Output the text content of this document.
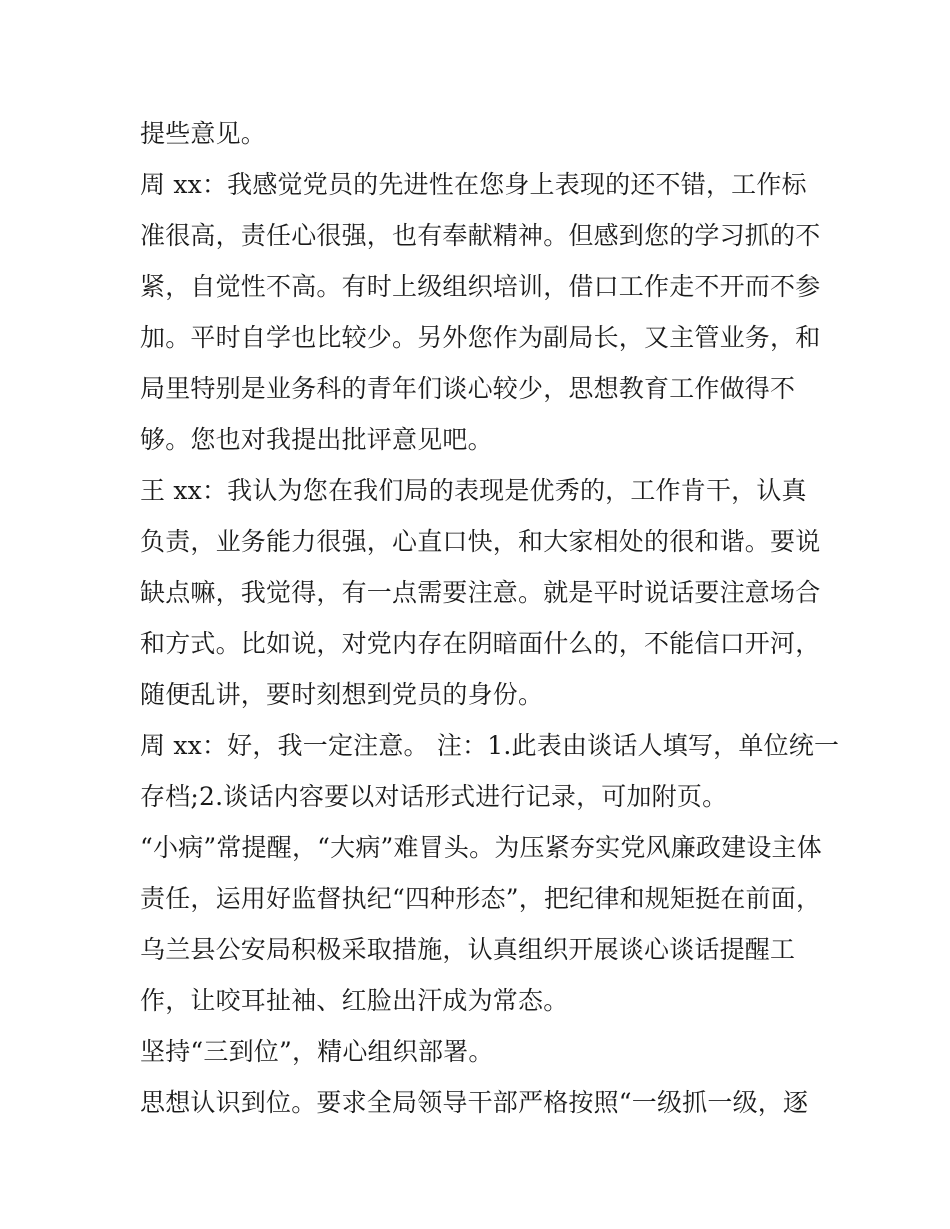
提些意见。
周 xx：我感觉党员的先进性在您身上表现的还不错，工作标
准很高，责任心很强，也有奉献精神。但感到您的学习抓的不
紧，自觉性不高。有时上级组织培训，借口工作走不开而不参
加。平时自学也比较少。另外您作为副局长，又主管业务，和
局里特别是业务科的青年们谈心较少，思想教育工作做得不
够。您也对我提出批评意见吧。
王 xx：我认为您在我们局的表现是优秀的，工作肯干，认真
负责，业务能力很强，心直口快，和大家相处的很和谐。要说
缺点嘛，我觉得，有一点需要注意。就是平时说话要注意场合
和方式。比如说，对党内存在阴暗面什么的，不能信口开河，
随便乱讲，要时刻想到党员的身份。
周 xx：好，我一定注意。 注：1.此表由谈话人填写，单位统一
存档;2.谈话内容要以对话形式进行记录，可加附页。
“小病”常提醒，“大病”难冒头。为压紧夯实党风廉政建设主体
责任，运用好监督执纪“四种形态”，把纪律和规矩挺在前面，
乌兰县公安局积极采取措施，认真组织开展谈心谈话提醒工
作，让咬耳扯袖、红脸出汗成为常态。
坚持“三到位”，精心组织部署。
思想认识到位。要求全局领导干部严格按照“一级抓一级，逐
